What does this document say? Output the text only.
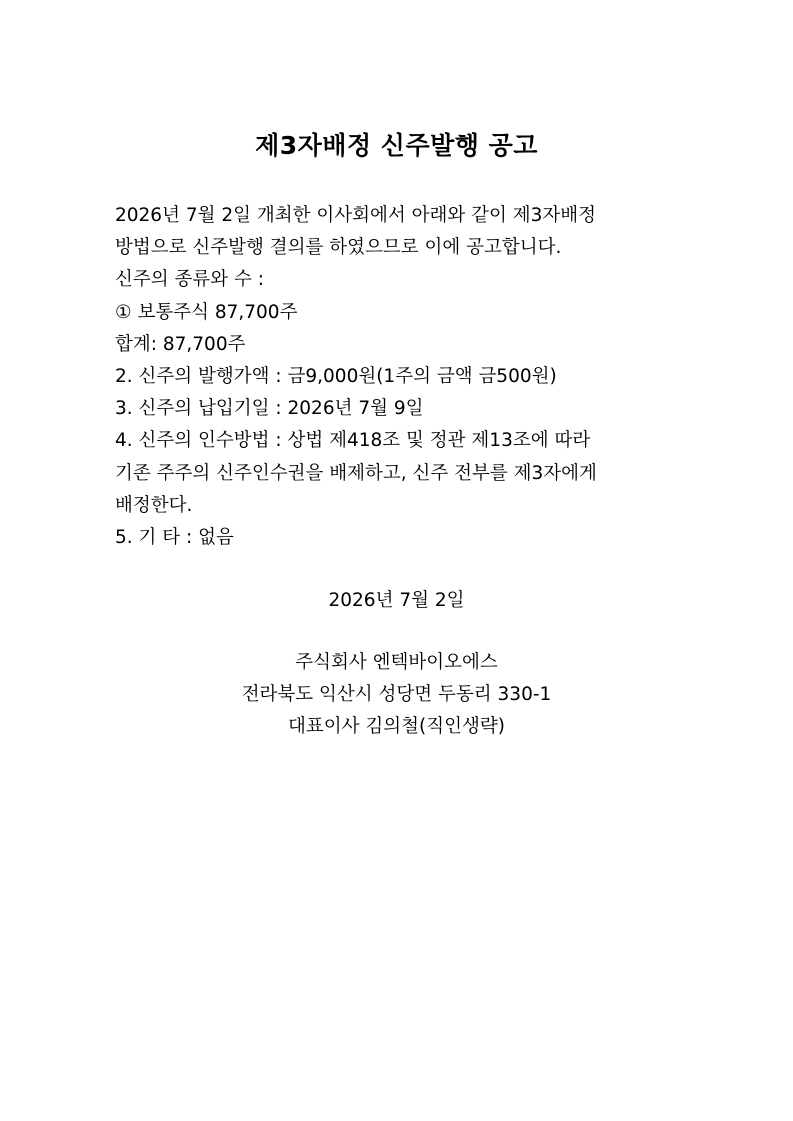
제3자배정 신주발행 공고
2026년 7월 2일 개최한 이사회에서 아래와 같이 제3자배정
방법으로 신주발행 결의를 하였으므로 이에 공고합니다.
신주의 종류와 수 :
① 보통주식 87,700주
합계: 87,700주
2. 신주의 발행가액 : 금9,000원(1주의 금액 금500원)
3. 신주의 납입기일 : 2026년 7월 9일
4. 신주의 인수방법 : 상법 제418조 및 정관 제13조에 따라
기존 주주의 신주인수권을 배제하고, 신주 전부를 제3자에게
배정한다.
5. 기 타 : 없음
2026년 7월 2일
주식회사 엔텍바이오에스
전라북도 익산시 성당면 두동리 330-1
대표이사 김의철(직인생략)
